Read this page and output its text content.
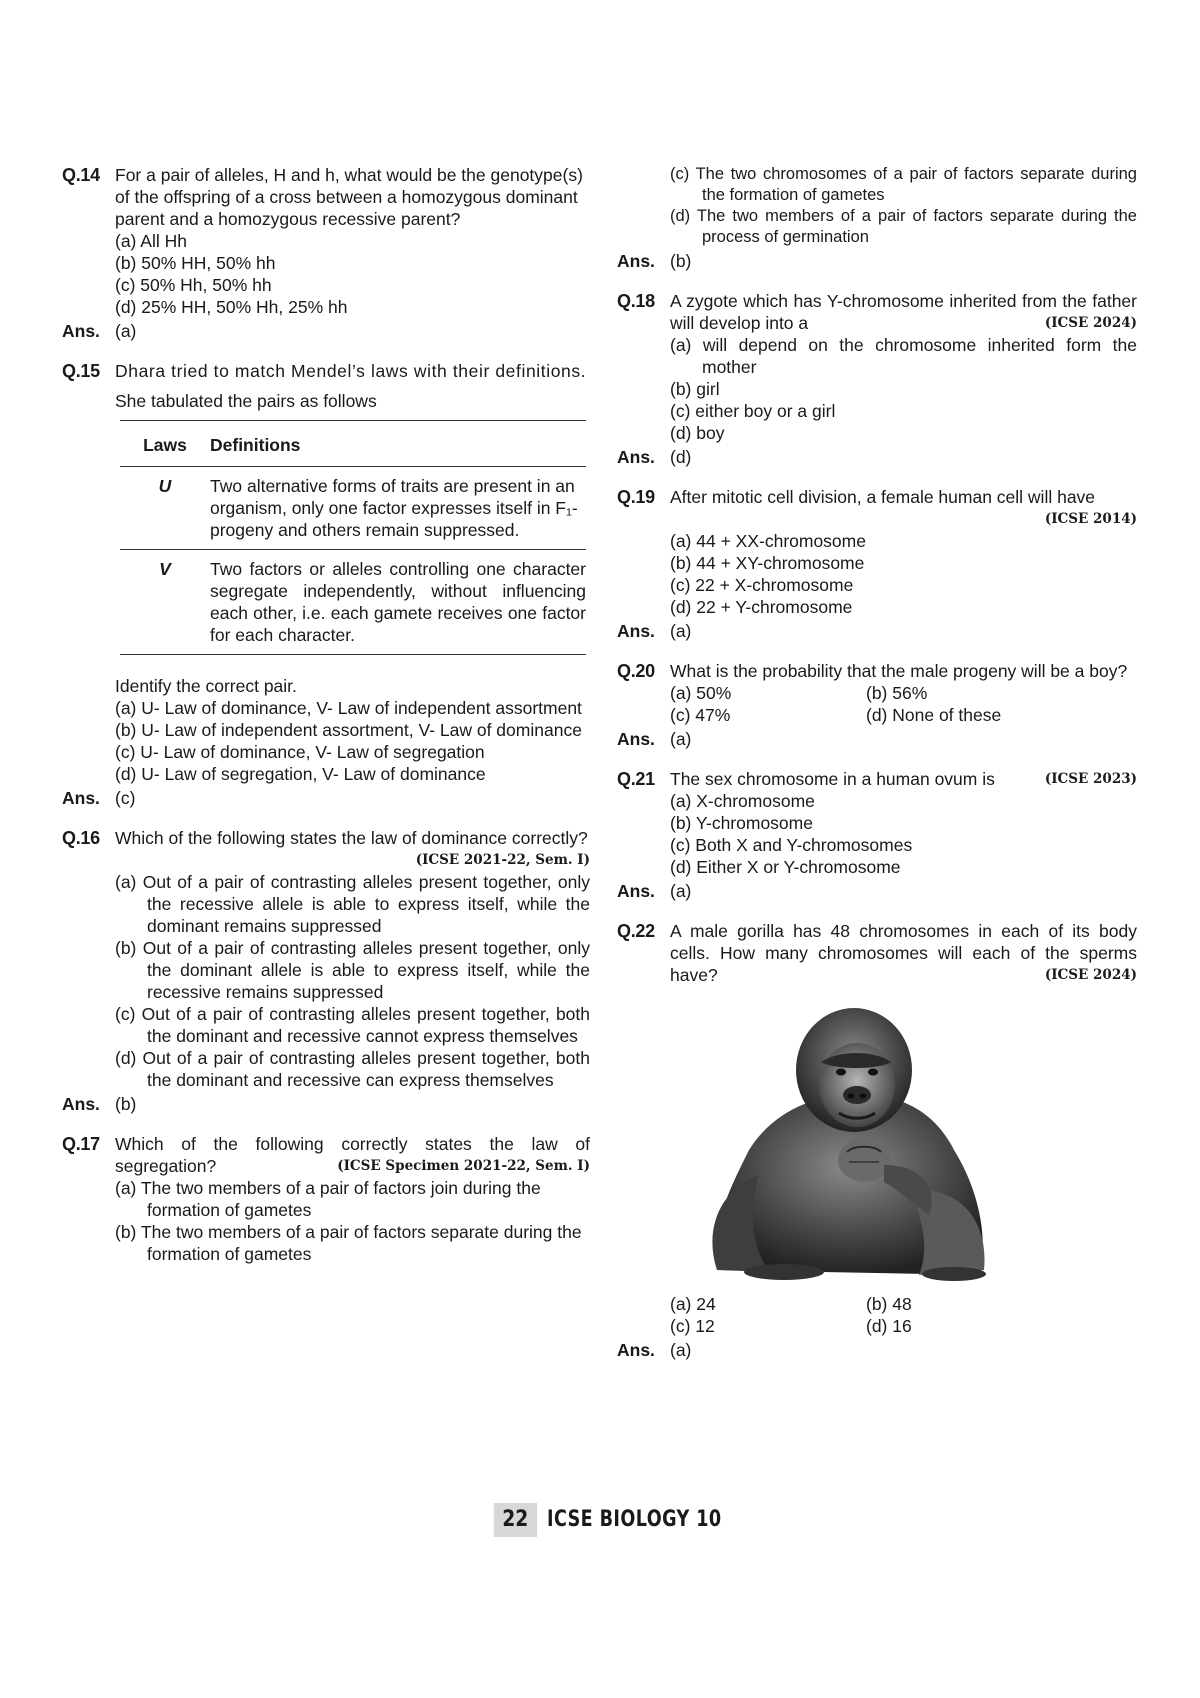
Q.14 For a pair of alleles, H and h, what would be the genotype(s) of the offspring of a cross between a homozygous dominant parent and a homozygous recessive parent?
(a) All Hh
(b) 50% HH, 50% hh
(c) 50% Hh, 50% hh
(d) 25% HH, 50% Hh, 25% hh
Ans. (a)
Q.15 Dhara tried to match Mendel’s laws with their definitions.
She tabulated the pairs as follows
Laws	Definitions
U	Two alternative forms of traits are present in an organism, only one factor expresses itself in F₁-progeny and others remain suppressed.
V	Two factors or alleles controlling one character segregate independently, without influencing each other, i.e. each gamete receives one factor for each character.
Identify the correct pair.
(a) U- Law of dominance, V- Law of independent assortment
(b) U- Law of independent assortment, V- Law of dominance
(c) U- Law of dominance, V- Law of segregation
(d) U- Law of segregation, V- Law of dominance
Ans. (c)
Q.16 Which of the following states the law of dominance correctly?
(ICSE 2021-22, Sem. I)
(a) Out of a pair of contrasting alleles present together, only the recessive allele is able to express itself, while the dominant remains suppressed
(b) Out of a pair of contrasting alleles present together, only the dominant allele is able to express itself, while the recessive remains suppressed
(c) Out of a pair of contrasting alleles present together, both the dominant and recessive cannot express themselves
(d) Out of a pair of contrasting alleles present together, both the dominant and recessive can express themselves
Ans. (b)
Q.17 Which of the following correctly states the law of segregation?	(ICSE Specimen 2021-22, Sem. I)
(a) The two members of a pair of factors join during the formation of gametes
(b) The two members of a pair of factors separate during the formation of gametes
(c) The two chromosomes of a pair of factors separate during the formation of gametes
(d) The two members of a pair of factors separate during the process of germination
Ans. (b)
Q.18 A zygote which has Y-chromosome inherited from the father will develop into a	(ICSE 2024)
(a) will depend on the chromosome inherited form the mother
(b) girl
(c) either boy or a girl
(d) boy
Ans. (d)
Q.19 After mitotic cell division, a female human cell will have
(ICSE 2014)
(a) 44 + XX-chromosome
(b) 44 + XY-chromosome
(c) 22 + X-chromosome
(d) 22 + Y-chromosome
Ans. (a)
Q.20 What is the probability that the male progeny will be a boy?
(a) 50%	(b) 56%
(c) 47%	(d) None of these
Ans. (a)
Q.21 The sex chromosome in a human ovum is	(ICSE 2023)
(a) X-chromosome
(b) Y-chromosome
(c) Both X and Y-chromosomes
(d) Either X or Y-chromosome
Ans. (a)
Q.22 A male gorilla has 48 chromosomes in each of its body cells. How many chromosomes will each of the sperms have?	(ICSE 2024)
(a) 24	(b) 48
(c) 12	(d) 16
Ans. (a)
22 ICSE BIOLOGY 10
